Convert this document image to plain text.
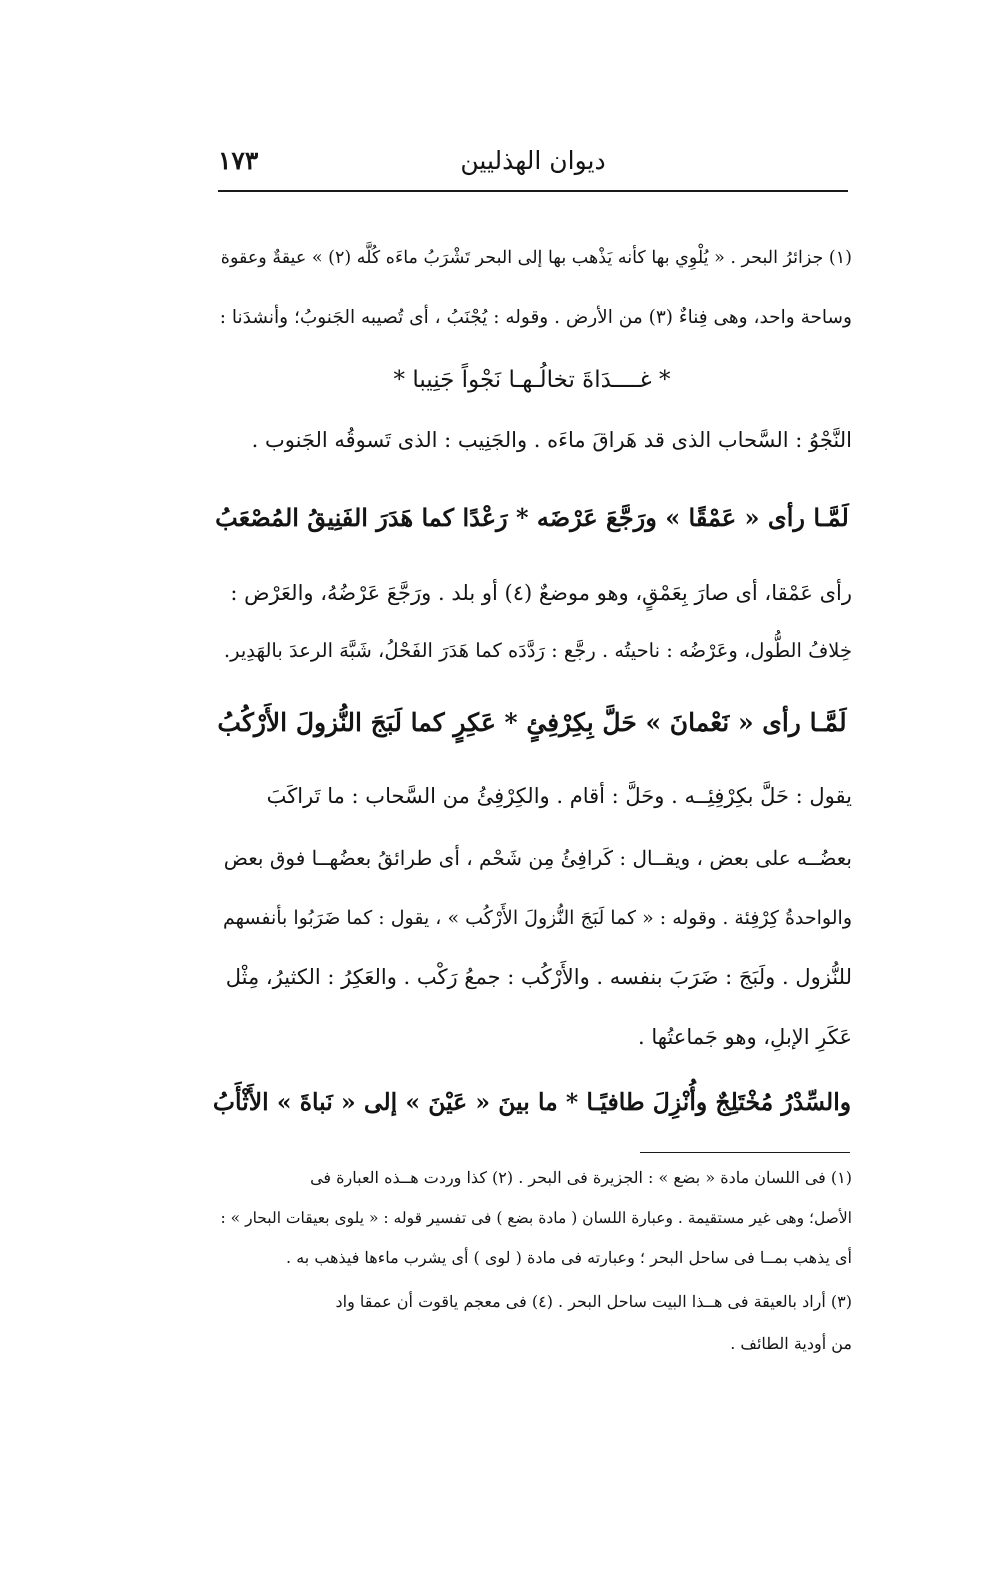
١٧٣	ديوان الهذليين
(١) جزائرُ البحر . « يُلْوِي بها كأنه يَذْهب بها إلى البحر تَشْرَبُ ماءَه كُلَّه (٢) » عيقةٌ وعقوة
وساحة واحد، وهى فِناءٌ (٣) من الأرض . وقوله : يُجْنَبُ ، أى تُصيبه الجَنوبُ؛ وأنشدَنا :
* غــــدَاةَ تخالُـهـا نَجْواً جَنِيبا *
النَّجْوُ : السَّحاب الذى قد هَراقَ ماءَه . والجَنِيب : الذى تَسوقُه الجَنوب .
لَمَّـا رأى « عَمْقًا » ورَجَّعَ عَرْضَه * رَعْدًا كما هَدَرَ الفَنِيقُ المُصْعَبُ
رأى عَمْقا، أى صارَ بِعَمْقٍ، وهو موضعٌ (٤) أو بلد . ورَجَّعَ عَرْضُهُ، والعَرْض :
خِلافُ الطُّول، وعَرْضُه : ناحيتُه . رجَّع : رَدَّدَه كما هَدَرَ الفَحْلُ، شَبَّهَ الرعدَ بالهَدِير.
لَمَّـا رأى « نَعْمانَ » حَلَّ بِكِرْفِئٍ * عَكِرٍ كما لَبَجَ النُّزولَ الأَرْكُبُ
يقول : حَلَّ بكِرْفِئِــه . وحَلَّ : أقام . والكِرْفِئُ من السَّحاب : ما تَراكَبَ
بعضُــه على بعض ، ويقــال : كَرافِئُ مِن شَحْم ، أى طرائقُ بعضُهــا فوق بعض
والواحدةُ كِرْفِئة . وقوله : « كما لَبَجَ النُّزولَ الأَرْكُب » ، يقول : كما ضَرَبُوا بأنفسهم
للنُّزول . ولَبَجَ : ضَرَبَ بنفسه . والأَرْكُب : جمعُ رَكْب . والعَكِرُ : الكثيرُ، مِثْل
عَكَرِ الإبلِ، وهو جَماعتُها .
والسِّدْرُ مُخْتَلِجٌ وأُنْزِلَ طافيًـا * ما بينَ « عَيْنَ » إلى « نَباةَ » الأَثْأَبُ
(١) فى اللسان مادة « بضع » : الجزيرة فى البحر . (٢) كذا وردت هــذه العبارة فى
الأصل؛ وهى غير مستقيمة . وعبارة اللسان ( مادة بضع ) فى تفسير قوله : « يلوى بعيقات البحار » :
أى يذهب بمــا فى ساحل البحر ؛ وعبارته فى مادة ( لوى ) أى يشرب ماءها فيذهب به .
(٣) أراد بالعيقة فى هــذا البيت ساحل البحر . (٤) فى معجم ياقوت أن عمقا واد
من أودية الطائف .
